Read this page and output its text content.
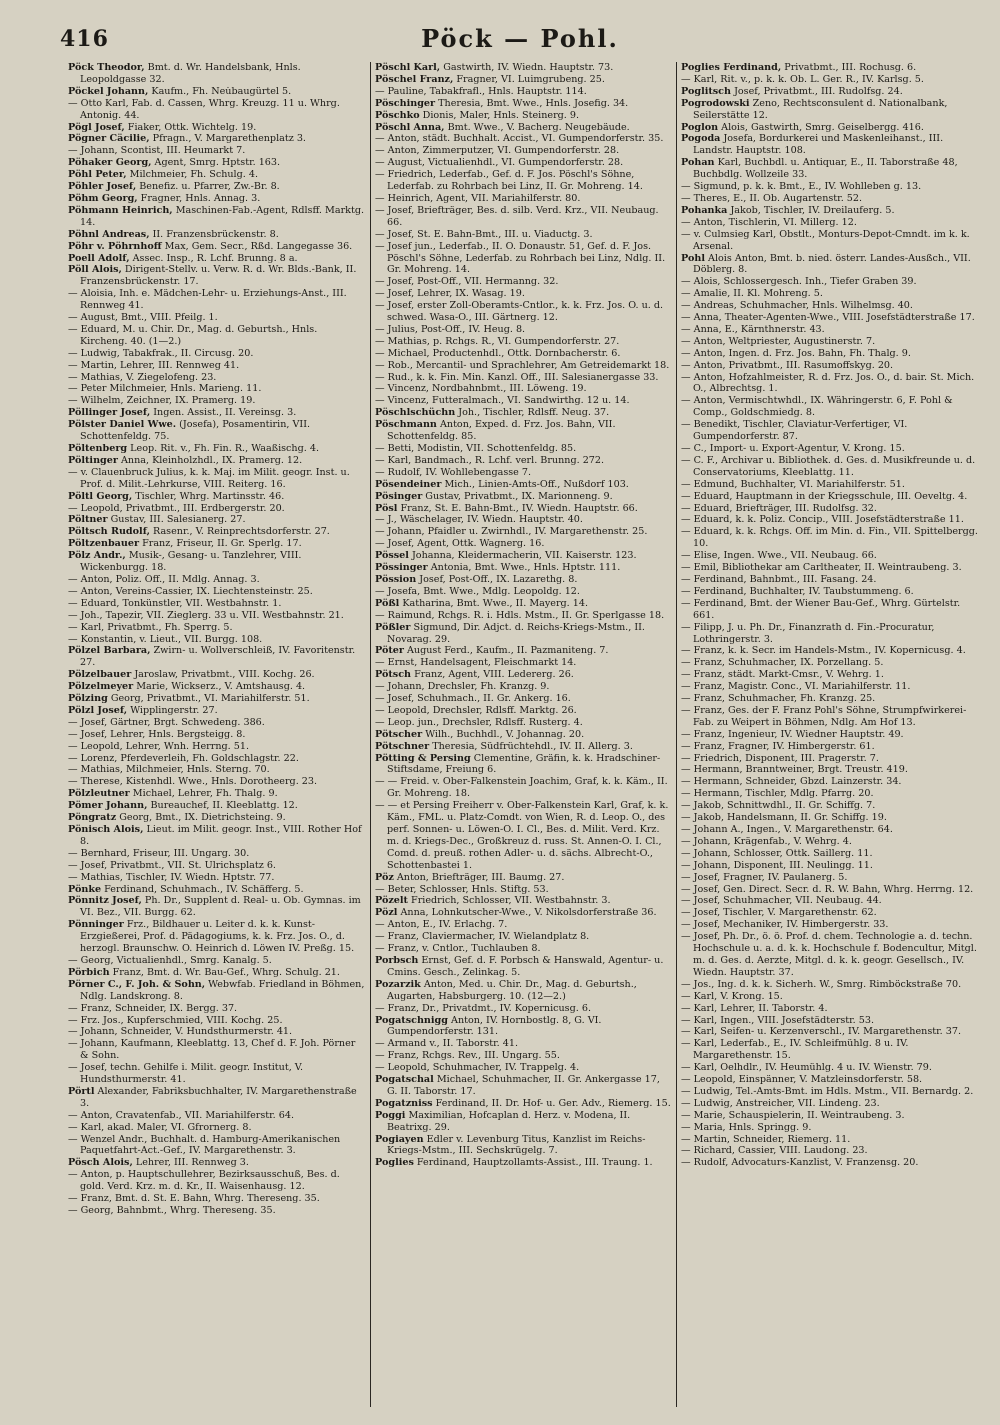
416	Pöck — Pohl.

Pöck Theodor, Bmt. d. Wr. Handelsbank, Hnls. Leopoldgasse 32.

Pöckel Johann, Kaufm., Fh. Neu̇baugürtel 5.

— Otto Karl, Fab. d. Cassen, Whrg. Kreuzg. 11 u. Whrg. Antonig. 44.

Pögl Josef, Fiaker, Ottk. Wichtelg. 19.

Pögner Cäcilie, Pfragn., V. Margarethenplatz 3.

— Johann, Scontist, III. Heumarkt 7.

Pöhaker Georg, Agent, Smrg. Hptstr. 163.

Pöhl Peter, Milchmeier, Fh. Schulg. 4.

Pöhler Josef, Benefiz. u. Pfarrer, Zw.-Br. 8.

Pöhm Georg, Fragner, Hnls. Annag. 3.

Pöhmann Heinrich, Maschinen-Fab.-Agent, Rdlsff. Marktg. 14.

Pöhnl Andreas, II. Franzensbrückenstr. 8.

Pöhr v. Pöhrnhoff Max, Gem. Secr., Rßd. Langegasse 36.

Poell Adolf, Assec. Insp., R. Lchf. Brunng. 8 a.

Pöll Alois, Dirigent-Stellv. u. Verw. R. d. Wr. Blds.-Bank, II. Franzensbrückenstr. 17.

— Aloisia, Inh. e. Mädchen-Lehr- u. Erziehungs-Anst., III. Rennweg 41.

— August, Bmt., VIII. Pfeilg. 1.

— Eduard, M. u. Chir. Dr., Mag. d. Geburtsh., Hnls. Kircheng. 40. (1—2.)

— Ludwig, Tabakfrak., II. Circusg. 20.

— Martin, Lehrer, III. Rennweg 41.

— Mathias, V. Ziegelofeng. 23.

— Peter Milchmeier, Hnls. Marieng. 11.

— Wilhelm, Zeichner, IX. Pramerg. 19.

Pöllinger Josef, Ingen. Assist., II. Vereinsg. 3.

Pölster Daniel Wwe. (Josefa), Posamentirin, VII. Schottenfeldg. 75.

Pöltenberg Leop. Rit. v., Fh. Fin. R., Waaßischg. 4.

Pöltinger Anna, Kleinholzhdl., IX. Pramerg. 12.

— v. Clauenbruck Julius, k. k. Maj. im Milit. geogr. Inst. u. Prof. d. Milit.-Lehrkurse, VIII. Reiterg. 16.

Pöltl Georg, Tischler, Whrg. Martinsstr. 46.

— Leopold, Privatbmt., III. Erdbergerstr. 20.

Pöltner Gustav, III. Salesianerg. 27.

Pöltsch Rudolf, Rasenr., V. Reinprechtsdorferstr. 27.

Pöltzenbauer Franz, Friseur, II. Gr. Sperlg. 17.

Pölz Andr., Musik-, Gesang- u. Tanzlehrer, VIII. Wickenburgg. 18.

— Anton, Poliz. Off., II. Mdlg. Annag. 3.

— Anton, Vereins-Cassier, IX. Liechtensteinstr. 25.

— Eduard, Tonkünstler, VII. Westbahnstr. 1.

— Joh., Tapezir, VII. Zieglerg. 33 u. VII. Westbahnstr. 21.

— Karl, Privatbmt., Fh. Sperrg. 5.

— Konstantin, v. Lieut., VII. Burgg. 108.

Pölzel Barbara, Zwirn- u. Wollverschleiß, IV. Favoritenstr. 27.

Pölzelbauer Jaroslaw, Privatbmt., VIII. Kochg. 26.

Pölzelmeyer Marie, Wickserz., V. Amtshausg. 4.

Pölzing Georg, Privatbmt., VI. Mariahilferstr. 51.

Pölzl Josef, Wipplingerstr. 27.

— Josef, Gärtner, Brgt. Schwedeng. 386.

— Josef, Lehrer, Hnls. Bergsteigg. 8.

— Leopold, Lehrer, Wnh. Herrng. 51.

— Lorenz, Pferdeverleih, Fh. Goldschlagstr. 22.

— Mathias, Milchmeier, Hnls. Sterng. 70.

— Therese, Kistenhdl. Wwe., Hnls. Dorotheerg. 23.

Pölzleutner Michael, Lehrer, Fh. Thalg. 9.

Pömer Johann, Bureauchef, II. Kleeblattg. 12.

Pöngratz Georg, Bmt., IX. Dietrichsteing. 9.

Pönisch Alois, Lieut. im Milit. geogr. Inst., VIII. Rother Hof 8.

— Bernhard, Friseur, III. Ungarg. 30.

— Josef, Privatbmt., VII. St. Ulrichsplatz 6.

— Mathias, Tischler, IV. Wiedn. Hptstr. 77.

Pönke Ferdinand, Schuhmach., IV. Schäfferg. 5.

Pönnitz Josef, Ph. Dr., Supplent d. Real- u. Ob. Gymnas. im VI. Bez., VII. Burgg. 62.

Pönninger Frz., Bildhauer u. Leiter d. k. k. Kunst-Erzgießerei, Prof. d. Pädagogiums, k. k. Frz. Jos. O., d. herzogl. Braunschw. O. Heinrich d. Löwen IV. Preßg. 15.

— Georg, Victualienhdl., Smrg. Kanalg. 5.

Pörbich Franz, Bmt. d. Wr. Bau-Gef., Whrg. Schulg. 21.

Pörner C., F. Joh. & Sohn, Webwfab. Friedland in Böhmen, Ndlg. Landskrong. 8.

— Franz, Schneider, IX. Bergg. 37.

— Frz. Jos., Kupferschmied, VIII. Kochg. 25.

— Johann, Schneider, V. Hundsthurmerstr. 41.

— Johann, Kaufmann, Kleeblattg. 13, Chef d. F. Joh. Pörner & Sohn.

— Josef, techn. Gehilfe i. Milit. geogr. Institut, V. Hundsthurmerstr. 41.

Pörtl Alexander, Fabriksbuchhalter, IV. Margarethenstraße 3.

— Anton, Cravatenfab., VII. Mariahilferstr. 64.

— Karl, akad. Maler, VI. Gfrornerg. 8.

— Wenzel Andr., Buchhalt. d. Hamburg-Amerikanischen Paquetfahrt-Act.-Gef., IV. Margarethenstr. 3.

Pösch Alois, Lehrer, III. Rennweg 3.

— Anton, p. Hauptschullehrer, Bezirksausschuß, Bes. d. gold. Verd. Krz. m. d. Kr., II. Waisenhausg. 12.

— Franz, Bmt. d. St. E. Bahn, Whrg. Thereseng. 35.

— Georg, Bahnbmt., Whrg. Thereseng. 35.

Pöschl Karl, Gastwirth, IV. Wiedn. Hauptstr. 73.

Pöschel Franz, Fragner, VI. Luimgrubeng. 25.

— Pauline, Tabakfrafl., Hnls. Hauptstr. 114.

Pöschinger Theresia, Bmt. Wwe., Hnls. Josefig. 34.

Pöschko Dionis, Maler, Hnls. Steinerg. 9.

Pöschl Anna, Bmt. Wwe., V. Bacherg. Neugebäude.

— Anton, städt. Buchhalt. Accist., VI. Gumpendorferstr. 35.

— Anton, Zimmerputzer, VI. Gumpendorferstr. 28.

— August, Victualienhdl., VI. Gumpendorferstr. 28.

— Friedrich, Lederfab., Gef. d. F. Jos. Pöschl's Söhne, Lederfab. zu Rohrbach bei Linz, II. Gr. Mohreng. 14.

— Heinrich, Agent, VII. Mariahilferstr. 80.

— Josef, Briefträger, Bes. d. silb. Verd. Krz., VII. Neubaug. 66.

— Josef, St. E. Bahn-Bmt., III. u. Viaductg. 3.

— Josef jun., Lederfab., II. O. Donaustr. 51, Gef. d. F. Jos. Pöschl's Söhne, Lederfab. zu Rohrbach bei Linz, Ndlg. II. Gr. Mohreng. 14.

— Josef, Post-Off., VII. Hermanng. 32.

— Josef, Lehrer, IX. Wasag. 19.

— Josef, erster Zoll-Oberamts-Cntlor., k. k. Frz. Jos. O. u. d. schwed. Wasa-O., III. Gärtnerg. 12.

— Julius, Post-Off., IV. Heug. 8.

— Mathias, p. Rchgs. R., VI. Gumpendorferstr. 27.

— Michael, Productenhdl., Ottk. Dornbacherstr. 6.

— Rob., Mercantil- und Sprachlehrer, Am Getreidemarkt 18.

— Rud., k. k. Fin. Min. Kanzl. Off., III. Salesianergasse 33.

— Vincenz, Nordbahnbmt., III. Löweng. 19.

— Vincenz, Futteralmach., VI. Sandwirthg. 12 u. 14.

Pöschlschüchn Joh., Tischler, Rdlsff. Neug. 37.

Pöschmann Anton, Exped. d. Frz. Jos. Bahn, VII. Schottenfeldg. 85.

— Betti, Modistin, VII. Schottenfeldg. 85.

— Karl, Bandmach., R. Lchf. verl. Brunng. 272.

— Rudolf, IV. Wohllebengasse 7.

Pösendeiner Mich., Linien-Amts-Off., Nußdorf 103.

Pösinger Gustav, Privatbmt., IX. Marionneng. 9.

Pösl Franz, St. E. Bahn-Bmt., IV. Wiedn. Hauptstr. 66.

— J., Wäschelager, IV. Wiedn. Hauptstr. 40.

— Johann, Pfaidler u. Zwirnhdl., IV. Margarethenstr. 25.

— Josef, Agent, Ottk. Wagnerg. 16.

Pössel Johanna, Kleidermacherin, VII. Kaiserstr. 123.

Pössinger Antonia, Bmt. Wwe., Hnls. Hptstr. 111.

Pössion Josef, Post-Off., IX. Lazarethg. 8.

— Josefa, Bmt. Wwe., Mdlg. Leopoldg. 12.

Pößl Katharina, Bmt. Wwe., II. Mayerg. 14.

— Raimund, Rchgs. R. i. Hdls. Mstm., II. Gr. Sperlgasse 18.

Pößler Sigmund, Dir. Adjct. d. Reichs-Kriegs-Mstm., II. Novarag. 29.

Pöter August Ferd., Kaufm., II. Pazmaniteng. 7.

— Ernst, Handelsagent, Fleischmarkt 14.

Pötsch Franz, Agent, VIII. Ledererg. 26.

— Johann, Drechsler, Fh. Kranzg. 9.

— Josef, Schuhmach., II. Gr. Ankerg. 16.

— Leopold, Drechsler, Rdlsff. Marktg. 26.

— Leop. jun., Drechsler, Rdlsff. Rusterg. 4.

Pötscher Wilh., Buchhdl., V. Johannag. 20.

Pötschner Theresia, Südfrüchtehdl., IV. II. Allerg. 3.

Pötting & Persing Clementine, Gräfin, k. k. Hradschiner-Stiftsdame, Freiung 6.

— — Freid. v. Ober-Falkenstein Joachim, Graf, k. k. Käm., II. Gr. Mohreng. 18.

— — et Persing Freiherr v. Ober-Falkenstein Karl, Graf, k. k. Käm., FML. u. Platz-Comdt. von Wien, R. d. Leop. O., des perf. Sonnen- u. Löwen-O. I. Cl., Bes. d. Milit. Verd. Krz. m. d. Kriegs-Dec., Großkreuz d. russ. St. Annen-O. I. Cl., Comd. d. preuß. rothen Adler- u. d. sächs. Albrecht-O., Schottenbastei 1.

Pöz Anton, Briefträger, III. Baumg. 27.

— Beter, Schlosser, Hnls. Stiftg. 53.

Pözelt Friedrich, Schlosser, VII. Westbahnstr. 3.

Pözl Anna, Lohnkutscher-Wwe., V. Nikolsdorferstraße 36.

— Anton, E., IV. Erlachg. 7.

— Franz, Claviermacher, IV. Wielandplatz 8.

— Franz, v. Cntlor., Tuchlauben 8.

Porbsch Ernst, Gef. d. F. Porbsch & Hanswald, Agentur- u. Cmins. Gesch., Zelinkag. 5.

Pozarzik Anton, Med. u. Chir. Dr., Mag. d. Geburtsh., Augarten, Habsburgerg. 10. (12—2.)

— Franz, Dr., Privatdmt., IV. Kopernicusg. 6.

Pogatschnigg Anton, IV. Hornbostlg. 8, G. VI. Gumpendorferstr. 131.

— Armand v., II. Taborstr. 41.

— Franz, Rchgs. Rev., III. Ungarg. 55.

— Leopold, Schuhmacher, IV. Trappelg. 4.

Pogatschal Michael, Schuhmacher, II. Gr. Ankergasse 17, G. II. Taborstr. 17.

Pogatzniss Ferdinand, II. Dr. Hof- u. Ger. Adv., Riemerg. 15.

Poggi Maximilian, Hofcaplan d. Herz. v. Modena, II. Beatrixg. 29.

Pogiayen Edler v. Levenburg Titus, Kanzlist im Reichs-Kriegs-Mstm., III. Sechskrügelg. 7.

Poglies Ferdinand, Hauptzollamts-Assist., III. Traung. 1.

Poglies Ferdinand, Privatbmt., III. Rochusg. 6.

— Karl, Rit. v., p. k. k. Ob. L. Ger. R., IV. Karlsg. 5.

Poglitsch Josef, Privatbmt., III. Rudolfsg. 24.

Pogrodowski Zeno, Rechtsconsulent d. Nationalbank, Seilerstätte 12.

Poglon Alois, Gastwirth, Smrg. Geiselbergg. 416.

Pogoda Josefa, Bordurkerei und Maskenleihanst., III. Landstr. Hauptstr. 108.

Pohan Karl, Buchbdl. u. Antiquar, E., II. Taborstraße 48, Buchbdlg. Wollzeile 33.

— Sigmund, p. k. k. Bmt., E., IV. Wohlleben g. 13.

— Theres, E., II. Ob. Augartenstr. 52.

Pohanka Jakob, Tischler, IV. Dreilauferg. 5.

— Anton, Tischlerin, VI. Millerg. 12.

— v. Culmsieg Karl, Obstlt., Monturs-Depot-Cmndt. im k. k. Arsenal.

Pohl Alois Anton, Bmt. b. nied. österr. Landes-Ausßch., VII. Döblerg. 8.

— Alois, Schlossergesch. Inh., Tiefer Graben 39.

— Amalie, II. Kl. Mohreng. 5.

— Andreas, Schuhmacher, Hnls. Wilhelmsg. 40.

— Anna, Theater-Agenten-Wwe., VIII. Josefstädterstraße 17.

— Anna, E., Kärnthnerstr. 43.

— Anton, Weltpriester, Augustinerstr. 7.

— Anton, Ingen. d. Frz. Jos. Bahn, Fh. Thalg. 9.

— Anton, Privatbmt., III. Rasumoffskyg. 20.

— Anton, Hofzahlmeister, R. d. Frz. Jos. O., d. bair. St. Mich. O., Albrechtsg. 1.

— Anton, Vermischtwhdl., IX. Währingerstr. 6, F. Pohl & Comp., Goldschmiedg. 8.

— Benedikt, Tischler, Claviatur-Verfertiger, VI. Gumpendorferstr. 87.

— C., Import- u. Export-Agentur, V. Krong. 15.

— C. F., Archivar u. Bibliothek. d. Ges. d. Musikfreunde u. d. Conservatoriums, Kleeblattg. 11.

— Edmund, Buchhalter, VI. Mariahilferstr. 51.

— Eduard, Hauptmann in der Kriegsschule, III. Oeveltg. 4.

— Eduard, Briefträger, III. Rudolfsg. 32.

— Eduard, k. k. Poliz. Concip., VIII. Josefstädterstraße 11.

— Eduard, k. k. Rchgs. Off. im Min. d. Fin., VII. Spittelbergg. 10.

— Elise, Ingen. Wwe., VII. Neubaug. 66.

— Emil, Bibliothekar am Carltheater, II. Weintraubeng. 3.

— Ferdinand, Bahnbmt., III. Fasang. 24.

— Ferdinand, Buchhalter, IV. Taubstummeng. 6.

— Ferdinand, Bmt. der Wiener Bau-Gef., Whrg. Gürtelstr. 661.

— Filipp, J. u. Ph. Dr., Finanzrath d. Fin.-Procuratur, Lothringerstr. 3.

— Franz, k. k. Secr. im Handels-Mstm., IV. Kopernicusg. 4.

— Franz, Schuhmacher, IX. Porzellang. 5.

— Franz, städt. Markt-Cmsr., V. Wehrg. 1.

— Franz, Magistr. Conc., VI. Mariahilferstr. 11.

— Franz, Schuhmacher, Fh. Kranzg. 25.

— Franz, Ges. der F. Franz Pohl's Söhne, Strumpfwirkerei-Fab. zu Weipert in Böhmen, Ndlg. Am Hof 13.

— Franz, Ingenieur, IV. Wiedner Hauptstr. 49.

— Franz, Fragner, IV. Himbergerstr. 61.

— Friedrich, Disponent, III. Pragerstr. 7.

— Hermann, Branntweiner, Brgt. Treustr. 419.

— Hermann, Schneider, Gbzd. Lainzerstr. 34.

— Hermann, Tischler, Mdlg. Pfarrg. 20.

— Jakob, Schnittwdhl., II. Gr. Schiffg. 7.

— Jakob, Handelsmann, II. Gr. Schiffg. 19.

— Johann A., Ingen., V. Margarethenstr. 64.

— Johann, Krägenfab., V. Wehrg. 4.

— Johann, Schlosser, Ottk. Saillerg. 11.

— Johann, Disponent, III. Neulingg. 11.

— Josef, Fragner, IV. Paulanerg. 5.

— Josef, Gen. Direct. Secr. d. R. W. Bahn, Whrg. Herrng. 12.

— Josef, Schuhmacher, VII. Neubaug. 44.

— Josef, Tischler, V. Margarethenstr. 62.

— Josef, Mechaniker, IV. Himbergerstr. 33.

— Josef, Ph. Dr., ö. ö. Prof. d. chem. Technologie a. d. techn. Hochschule u. a. d. k. k. Hochschule f. Bodencultur, Mitgl. m. d. Ges. d. Aerzte, Mitgl. d. k. k. geogr. Gesellsch., IV. Wiedn. Hauptstr. 37.

— Jos., Ing. d. k. k. Sicherh. W., Smrg. Rimböckstraße 70.

— Karl, V. Krong. 15.

— Karl, Lehrer, II. Taborstr. 4.

— Karl, Ingen., VIII. Josefstädterstr. 53.

— Karl, Seifen- u. Kerzenverschl., IV. Margarethenstr. 37.

— Karl, Lederfab., E., IV. Schleifmühlg. 8 u. IV. Margarethenstr. 15.

— Karl, Oelhdlr., IV. Heumühlg. 4 u. IV. Wienstr. 79.

— Leopold, Einspänner, V. Matzleinsdorferstr. 58.

— Ludwig, Tel.-Amts-Bmt. im Hdls. Mstm., VII. Bernardg. 2.

— Ludwig, Anstreicher, VII. Lindeng. 23.

— Marie, Schauspielerin, II. Weintraubeng. 3.

— Maria, Hnls. Springg. 9.

— Martin, Schneider, Riemerg. 11.

— Richard, Cassier, VIII. Laudong. 23.

— Rudolf, Advocaturs-Kanzlist, V. Franzensg. 20.
